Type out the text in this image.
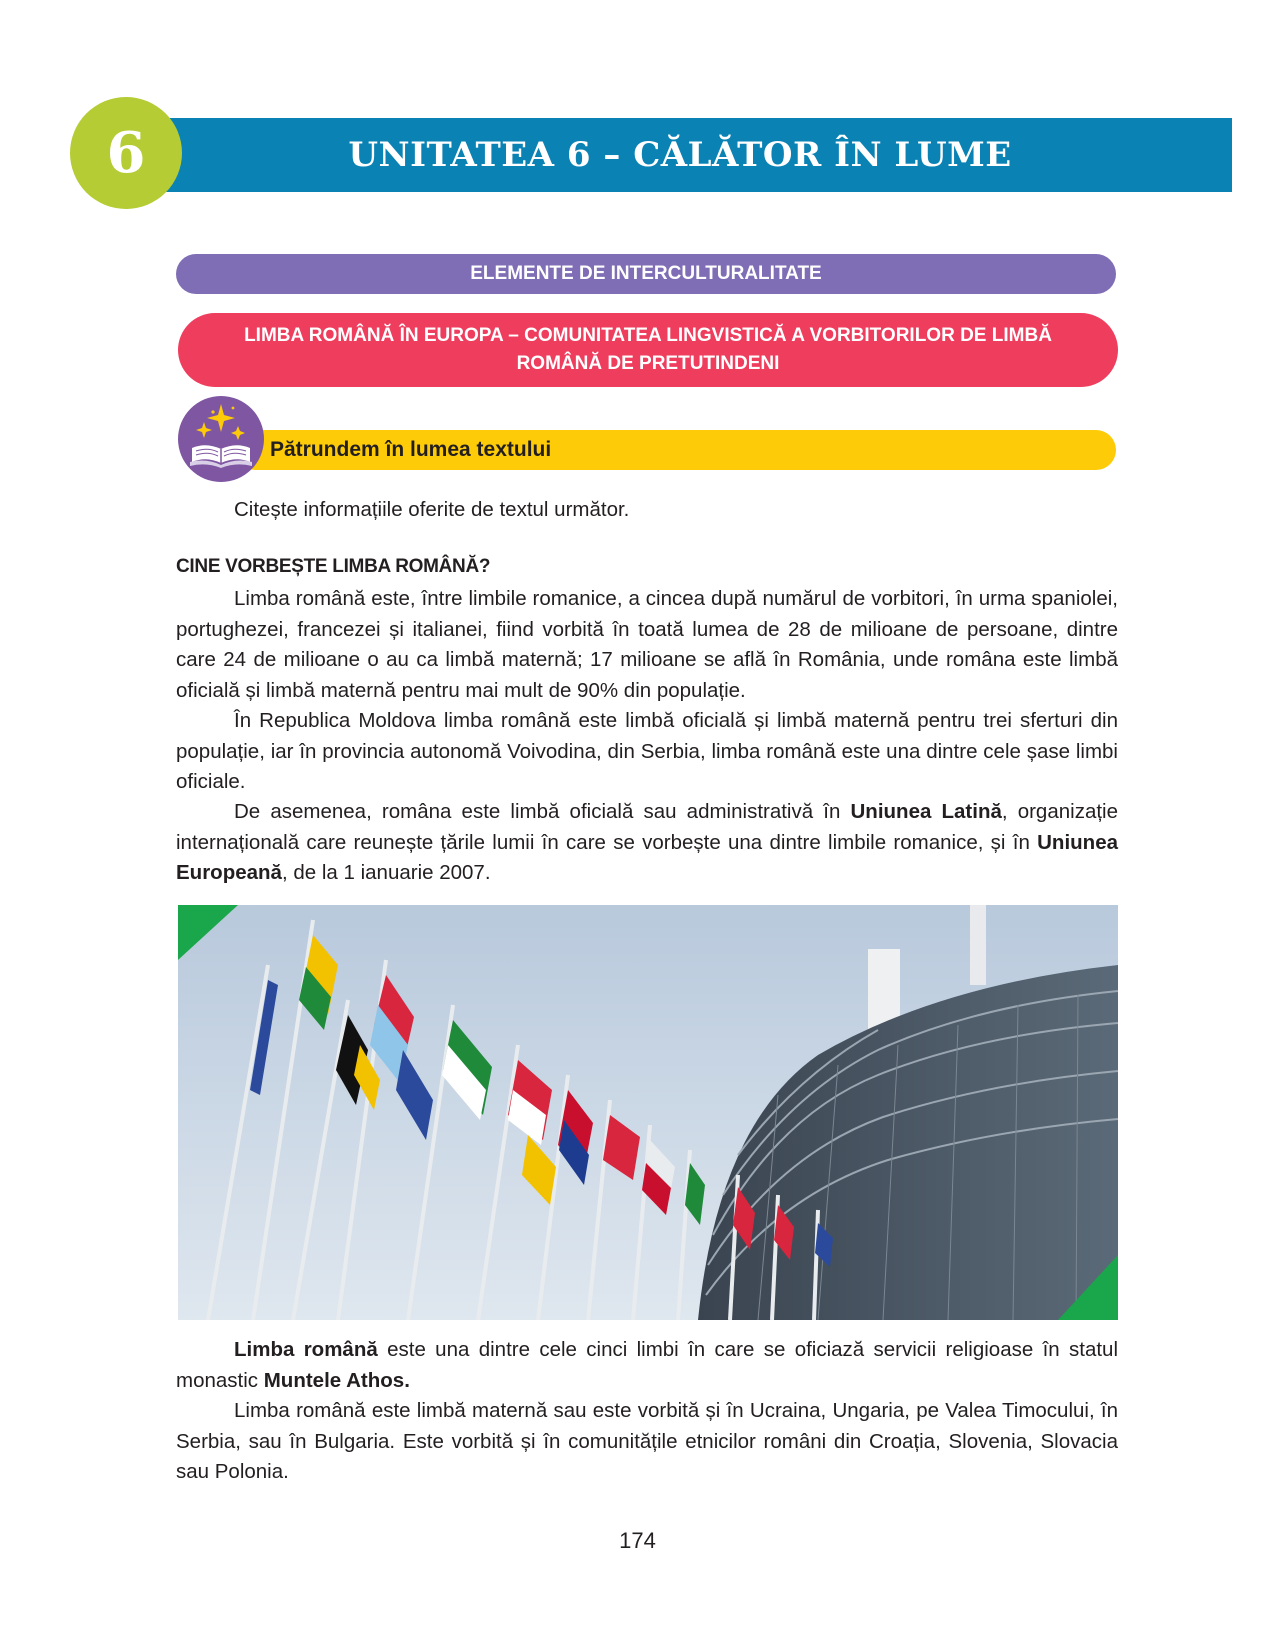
UNITATEA 6 – CĂLĂTOR ÎN LUME
6
ELEMENTE DE INTERCULTURALITATE
LIMBA ROMÂNĂ ÎN EUROPA – COMUNITATEA LINGVISTICĂ A VORBITORILOR DE LIMBĂ
ROMÂNĂ DE PRETUTINDENI
Pătrundem în lumea textului
Citește informațiile oferite de textul următor.
CINE VORBEȘTE LIMBA ROMÂNĂ?
Limba română este, între limbile romanice, a cincea după numărul de vorbitori, în urma spaniolei, portughezei, francezei și italianei, fiind vorbită în toată lumea de 28 de milioane de persoane, dintre care 24 de milioane o au ca limbă maternă; 17 milioane se află în România, unde româna este limbă oficială și limbă maternă pentru mai mult de 90% din populație.
În Republica Moldova limba română este limbă oficială și limbă maternă pentru trei sferturi din populație, iar în provincia autonomă Voivodina, din Serbia, limba română este una dintre cele șase limbi oficiale.
De asemenea, româna este limbă oficială sau administrativă în Uniunea Latină, organizație internațională care reunește țările lumii în care se vorbește una dintre limbile romanice, și în Uniunea Europeană, de la 1 ianuarie 2007.
Limba română este una dintre cele cinci limbi în care se oficiază servicii religioase în statul monastic Muntele Athos.
Limba română este limbă maternă sau este vorbită și în Ucraina, Ungaria, pe Valea Timocului, în Serbia, sau în Bulgaria. Este vorbită și în comunitățile etnicilor români din Croația, Slovenia, Slovacia sau Polonia.
174
